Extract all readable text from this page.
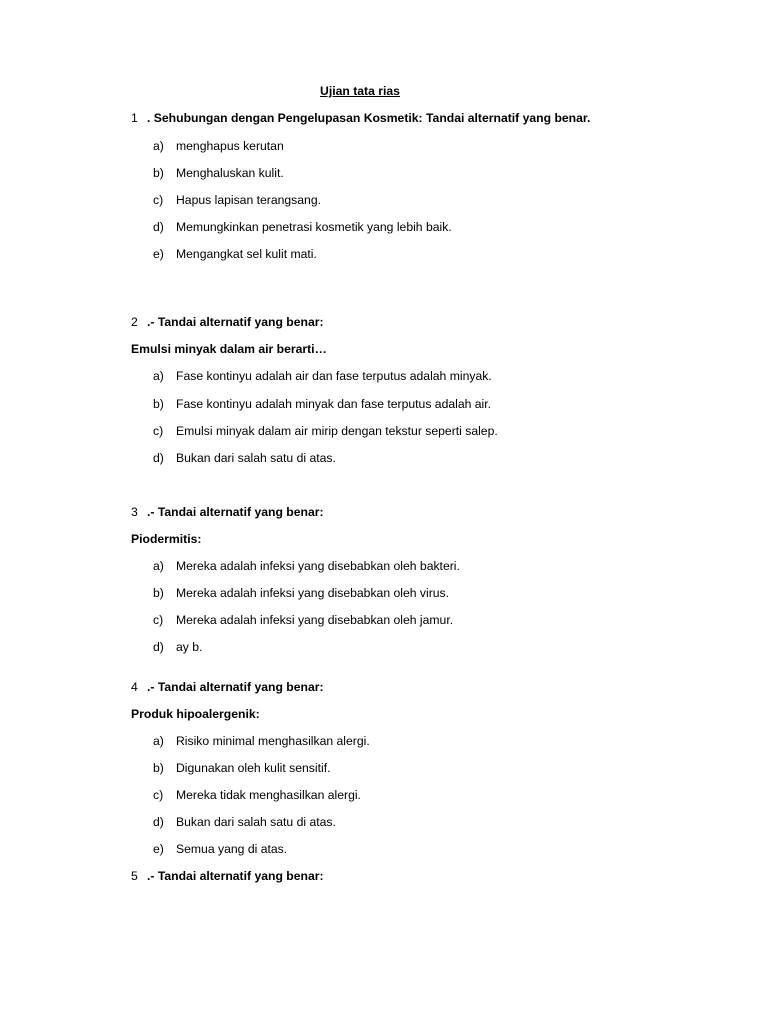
Ujian tata rias
1 . Sehubungan dengan Pengelupasan Kosmetik: Tandai alternatif yang benar.
a) menghapus kerutan
b) Menghaluskan kulit.
c) Hapus lapisan terangsang.
d) Memungkinkan penetrasi kosmetik yang lebih baik.
e) Mengangkat sel kulit mati.
2 .- Tandai alternatif yang benar:
Emulsi minyak dalam air berarti…
a) Fase kontinyu adalah air dan fase terputus adalah minyak.
b) Fase kontinyu adalah minyak dan fase terputus adalah air.
c) Emulsi minyak dalam air mirip dengan tekstur seperti salep.
d) Bukan dari salah satu di atas.
3 .- Tandai alternatif yang benar:
Piodermitis:
a) Mereka adalah infeksi yang disebabkan oleh bakteri.
b) Mereka adalah infeksi yang disebabkan oleh virus.
c) Mereka adalah infeksi yang disebabkan oleh jamur.
d) ay b.
4 .- Tandai alternatif yang benar:
Produk hipoalergenik:
a) Risiko minimal menghasilkan alergi.
b) Digunakan oleh kulit sensitif.
c) Mereka tidak menghasilkan alergi.
d) Bukan dari salah satu di atas.
e) Semua yang di atas.
5 .- Tandai alternatif yang benar:
